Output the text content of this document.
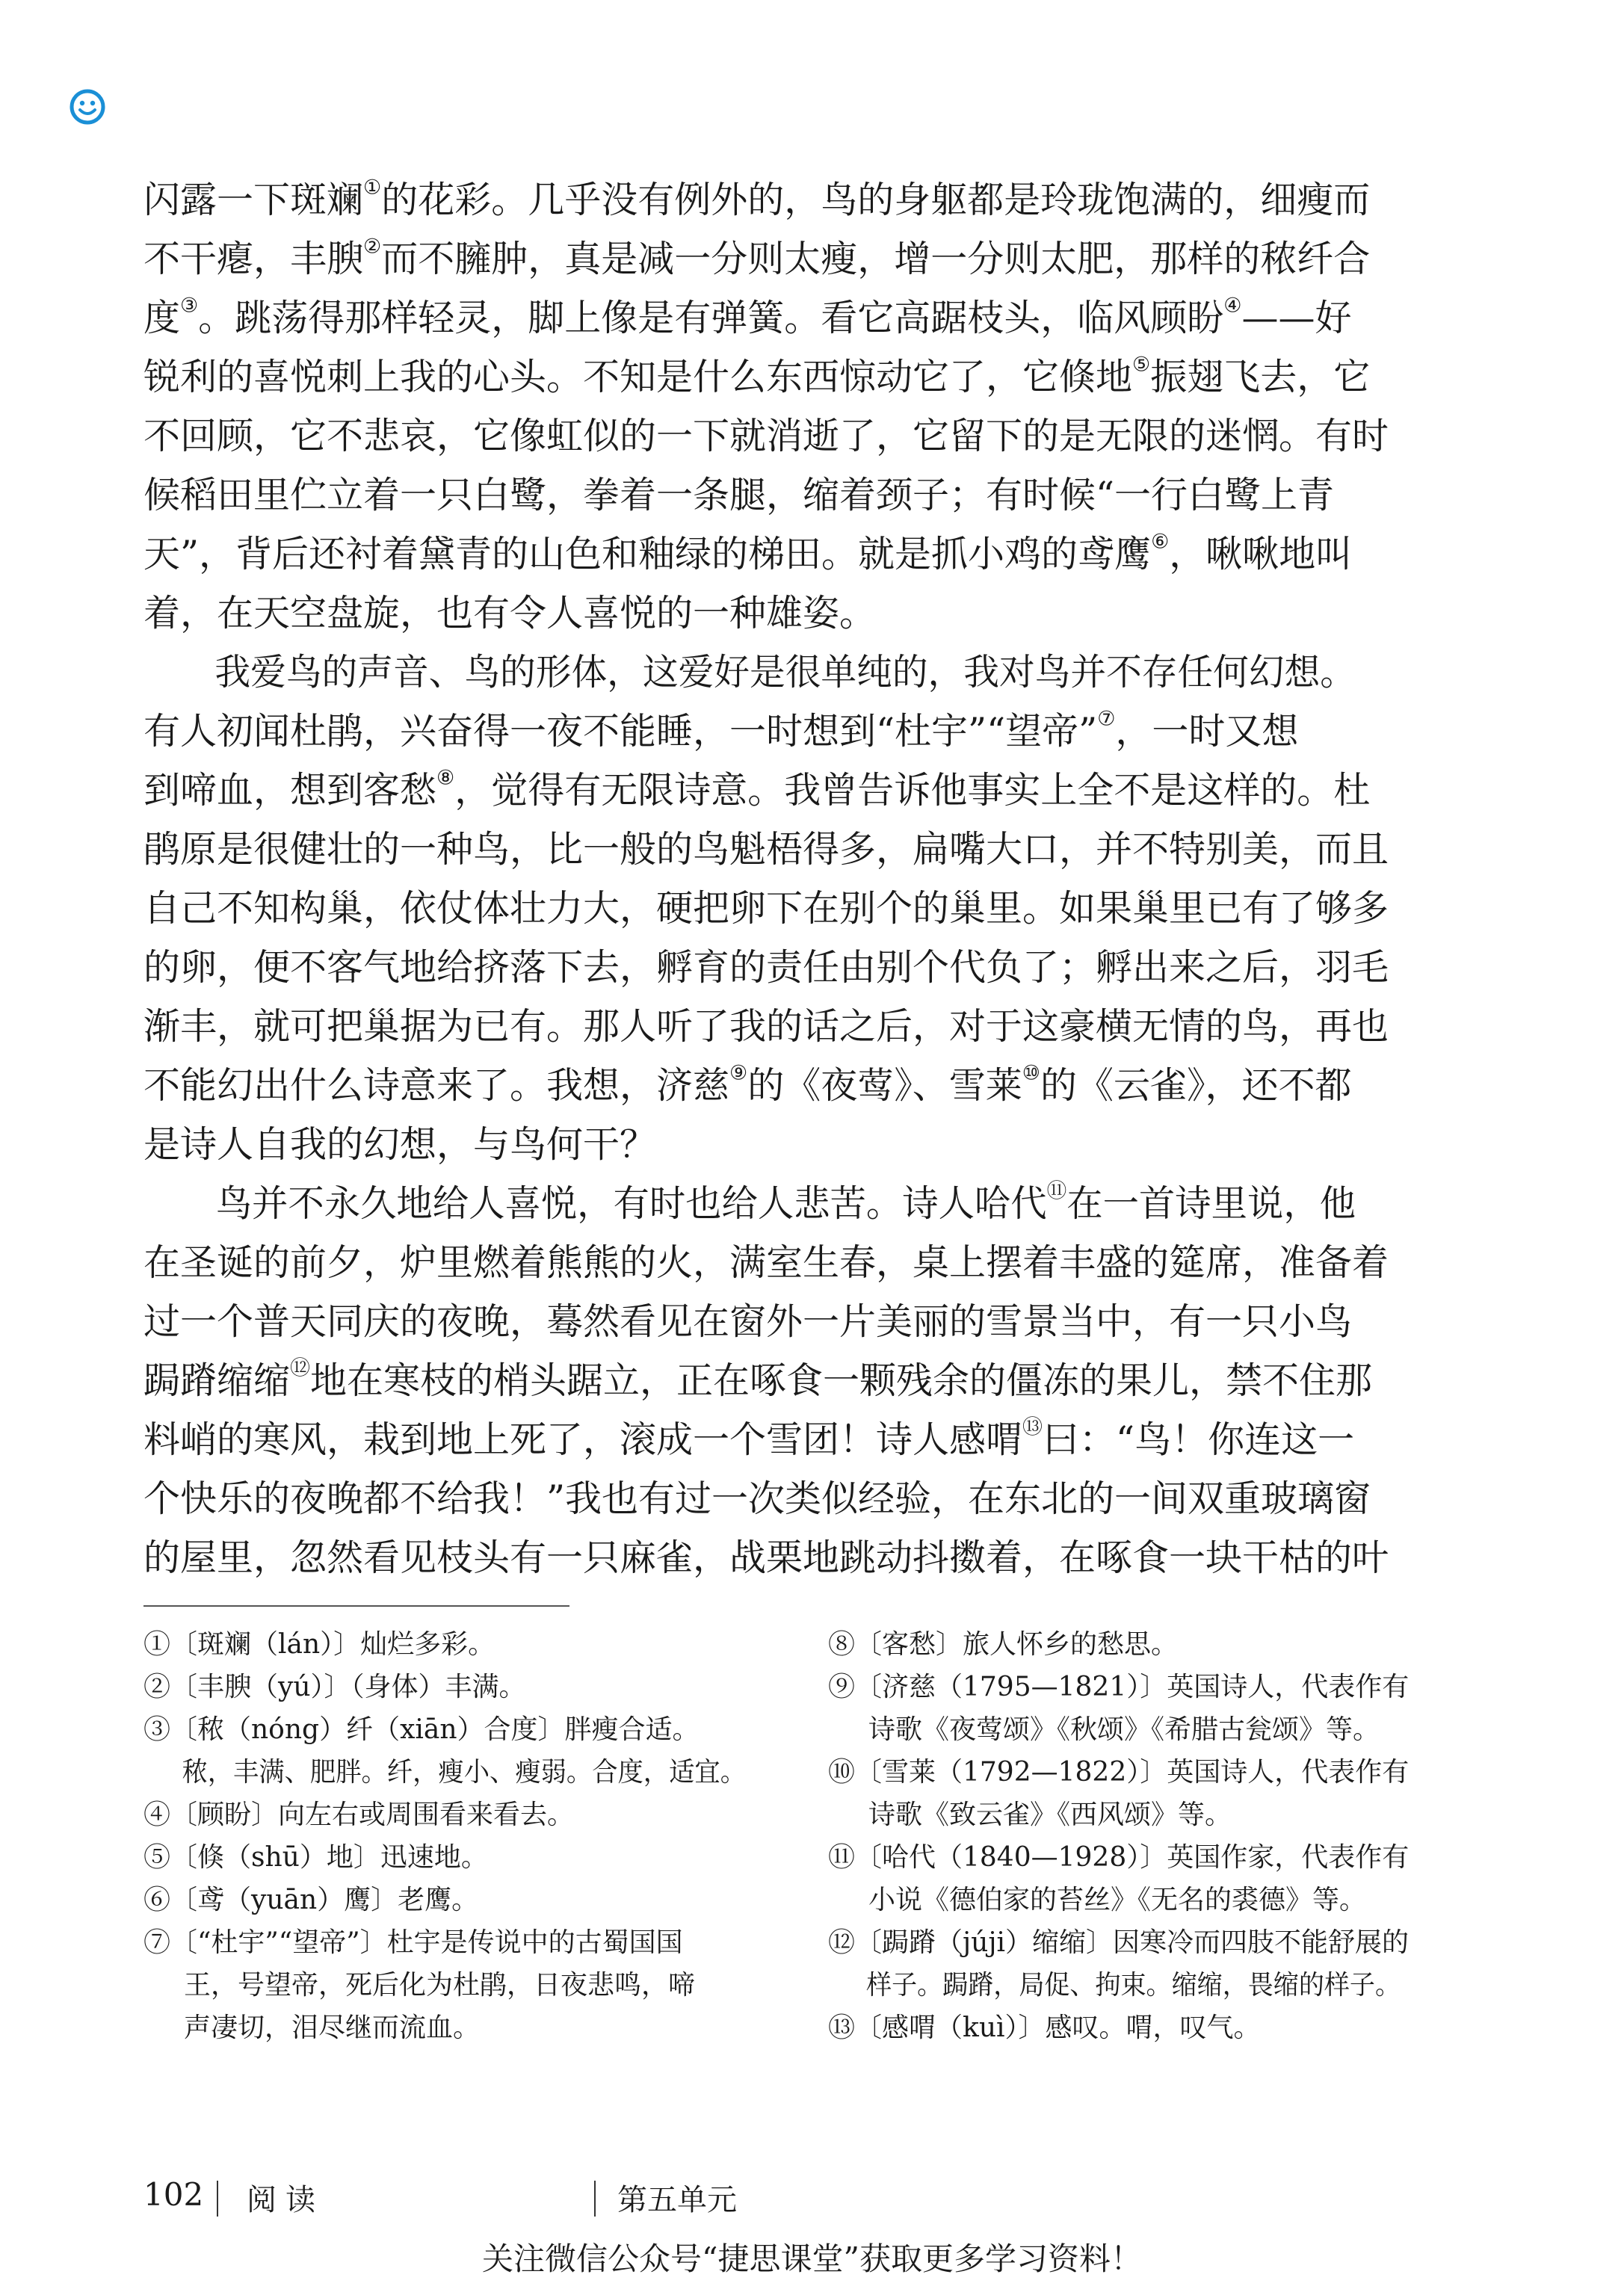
闪露一下斑斓①的花彩。几乎没有例外的，鸟的身躯都是玲珑饱满的，细瘦而
不干瘪，丰腴②而不臃肿，真是减一分则太瘦，增一分则太肥，那样的秾纤合
度③。跳荡得那样轻灵，脚上像是有弹簧。看它高踞枝头，临风顾盼④——好
锐利的喜悦刺上我的心头。不知是什么东西惊动它了，它倏地⑤振翅飞去，它
不回顾，它不悲哀，它像虹似的一下就消逝了，它留下的是无限的迷惘。有时
候稻田里伫立着一只白鹭，拳着一条腿，缩着颈子；有时候“一行白鹭上青
天”，背后还衬着黛青的山色和釉绿的梯田。就是抓小鸡的鸢鹰⑥，啾啾地叫
着，在天空盘旋，也有令人喜悦的一种雄姿。
我爱鸟的声音、鸟的形体，这爱好是很单纯的，我对鸟并不存任何幻想。
有人初闻杜鹃，兴奋得一夜不能睡，一时想到“杜宇”“望帝”⑦，一时又想
到啼血，想到客愁⑧，觉得有无限诗意。我曾告诉他事实上全不是这样的。杜
鹃原是很健壮的一种鸟，比一般的鸟魁梧得多，扁嘴大口，并不特别美，而且
自己不知构巢，依仗体壮力大，硬把卵下在别个的巢里。如果巢里已有了够多
的卵，便不客气地给挤落下去，孵育的责任由别个代负了；孵出来之后，羽毛
渐丰，就可把巢据为已有。那人听了我的话之后，对于这豪横无情的鸟，再也
不能幻出什么诗意来了。我想，济慈⑨的《夜莺》、雪莱⑩的《云雀》，还不都
是诗人自我的幻想，与鸟何干？
鸟并不永久地给人喜悦，有时也给人悲苦。诗人哈代⑪在一首诗里说，他
在圣诞的前夕，炉里燃着熊熊的火，满室生春，桌上摆着丰盛的筵席，准备着
过一个普天同庆的夜晚，蓦然看见在窗外一片美丽的雪景当中，有一只小鸟
跼蹐缩缩⑫地在寒枝的梢头踞立，正在啄食一颗残余的僵冻的果儿，禁不住那
料峭的寒风，栽到地上死了，滚成一个雪团！诗人感喟⑬曰：“鸟！你连这一
个快乐的夜晚都不给我！”我也有过一次类似经验，在东北的一间双重玻璃窗
的屋里，忽然看见枝头有一只麻雀，战栗地跳动抖擞着，在啄食一块干枯的叶
①〔斑斓（lán）〕灿烂多彩。
②〔丰腴（yú）〕（身体）丰满。
③〔秾（nóng）纤（xiān）合度〕胖瘦合适。
秾，丰满、肥胖。纤，瘦小、瘦弱。合度，适宜。
④〔顾盼〕向左右或周围看来看去。
⑤〔倏（shū）地〕迅速地。
⑥〔鸢（yuān）鹰〕老鹰。
⑦〔“杜宇”“望帝”〕杜宇是传说中的古蜀国国
王，号望帝，死后化为杜鹃，日夜悲鸣，啼
声凄切，泪尽继而流血。
⑧〔客愁〕旅人怀乡的愁思。
⑨〔济慈（1795—1821）〕英国诗人，代表作有
诗歌《夜莺颂》《秋颂》《希腊古瓮颂》等。
⑩〔雪莱（1792—1822）〕英国诗人，代表作有
诗歌《致云雀》《西风颂》等。
⑪〔哈代（1840—1928）〕英国作家，代表作有
小说《德伯家的苔丝》《无名的裘德》等。
⑫〔跼蹐（júji）缩缩〕因寒冷而四肢不能舒展的
样子。跼蹐，局促、拘束。缩缩，畏缩的样子。
⑬〔感喟（kuì）〕感叹。喟，叹气。
102 阅读	第五单元
关注微信公众号“捷思课堂”获取更多学习资料！
